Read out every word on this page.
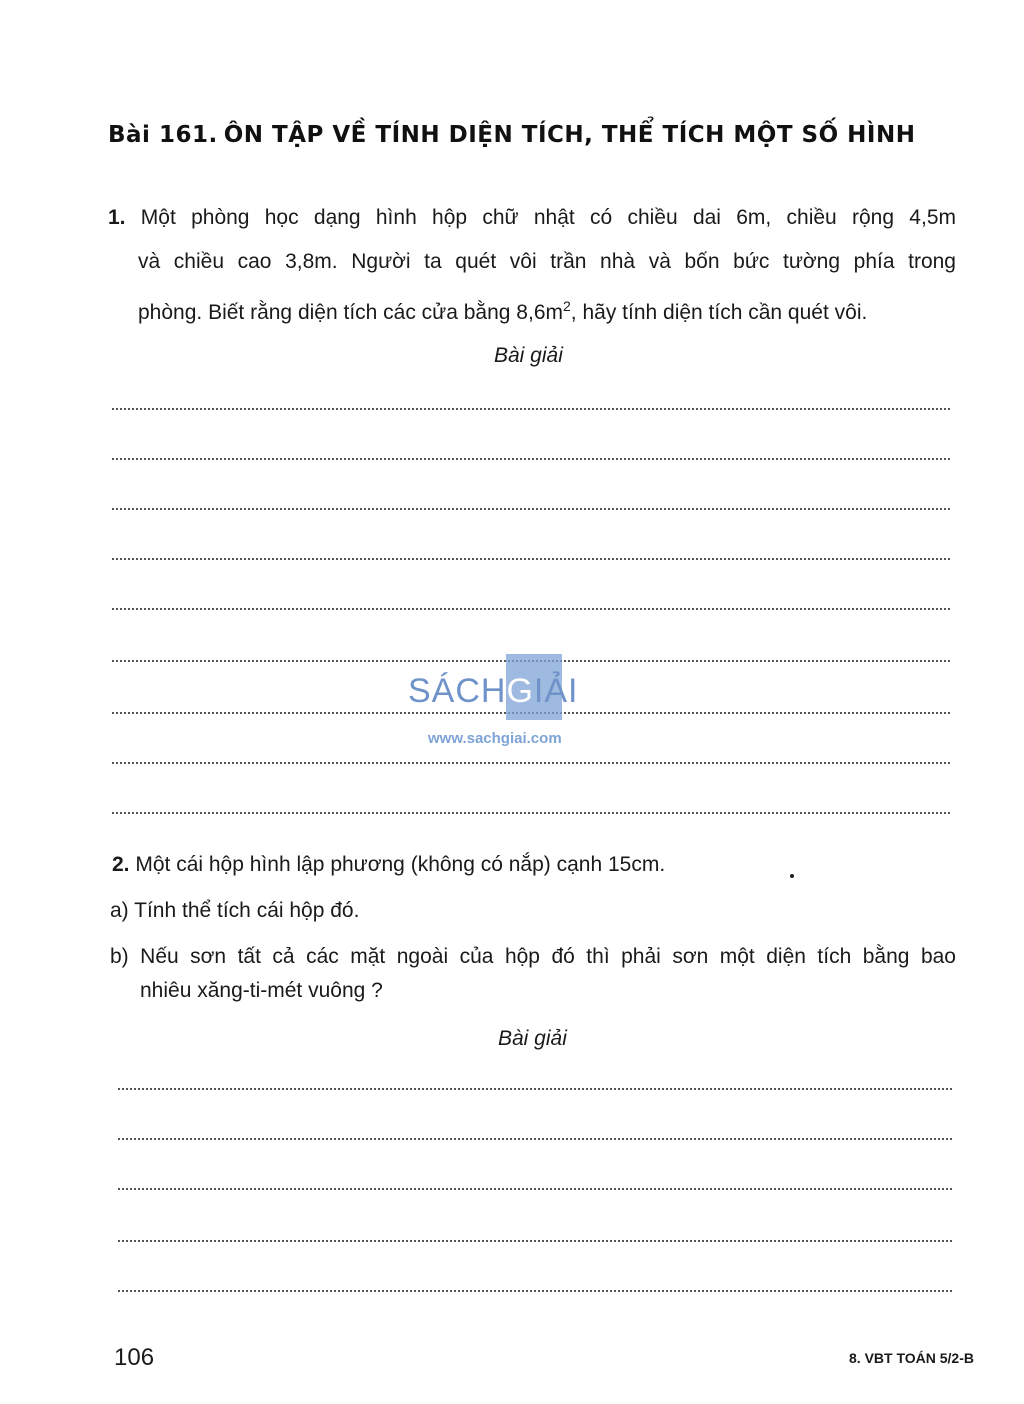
Bài 161. ÔN TẬP VỀ TÍNH DIỆN TÍCH, THỂ TÍCH MỘT SỐ HÌNH
1. Một phòng học dạng hình hộp chữ nhật có chiều dai 6m, chiều rộng 4,5m
và chiều cao 3,8m. Người ta quét vôi trần nhà và bốn bức tường phía trong
phòng. Biết rằng diện tích các cửa bằng $8,6m^2$, hãy tính diện tích cần quét vôi.
Bài giải
SÁCHGIẢI
www.sachgiai.com
2. Một cái hộp hình lập phương (không có nắp) cạnh 15cm.
a) Tính thể tích cái hộp đó.
b) Nếu sơn tất cả các mặt ngoài của hộp đó thì phải sơn một diện tích bằng bao
nhiêu xăng-ti-mét vuông ?
Bài giải
106	8. VBT TOÁN 5/2-B
